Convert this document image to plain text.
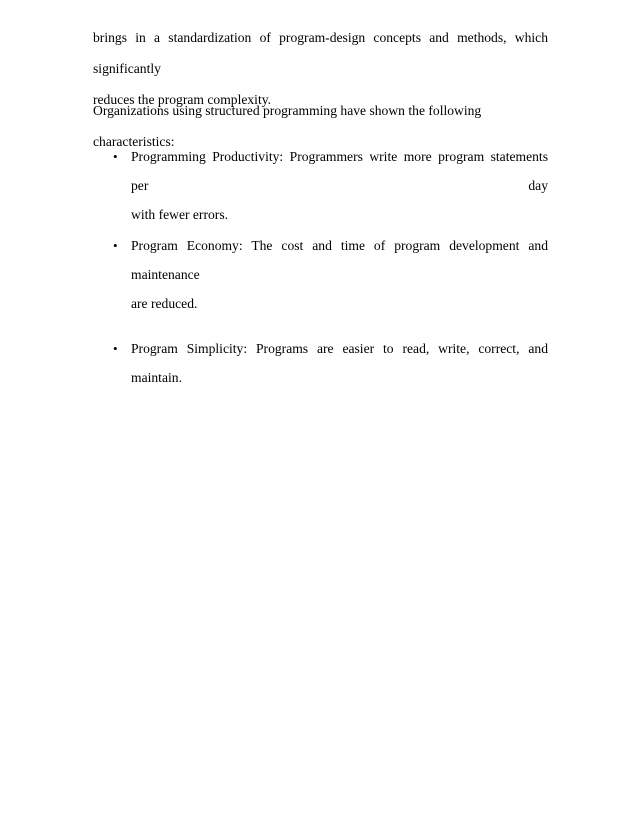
brings in a standardization of program-design concepts and methods, which significantly
reduces the program complexity.

Organizations using structured programming have shown the following characteristics:

• Programming Productivity: Programmers write more program statements per day
with fewer errors.
• Program Economy: The cost and time of program development and maintenance
are reduced.
• Program Simplicity: Programs are easier to read, write, correct, and maintain.
